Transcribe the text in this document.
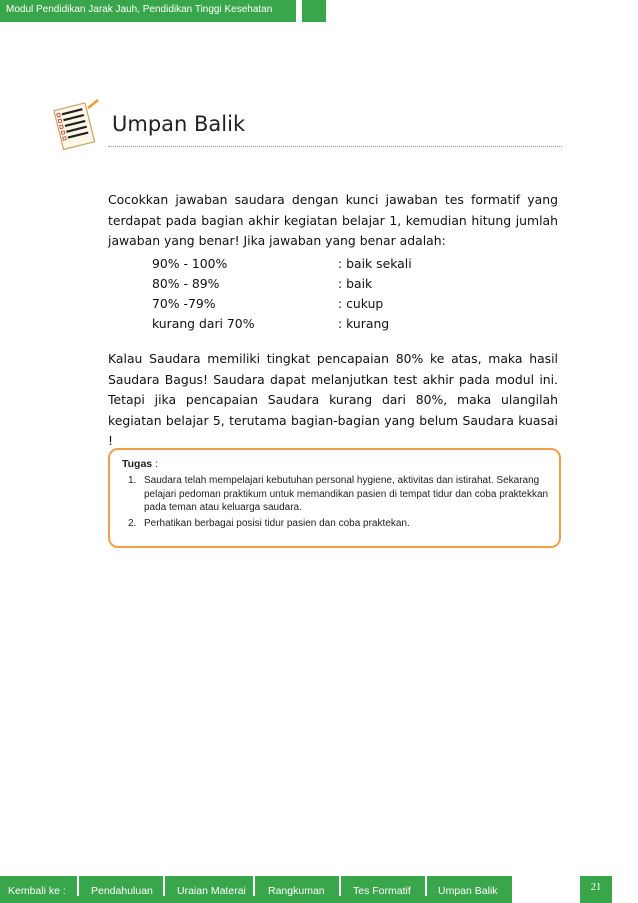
Modul Pendidikan Jarak Jauh, Pendidikan Tinggi Kesehatan
Umpan Balik

Cocokkan jawaban saudara dengan kunci jawaban tes formatif yang terdapat pada bagian akhir kegiatan belajar 1, kemudian hitung jumlah jawaban yang benar! Jika jawaban yang benar adalah:

90% - 100%	: baik sekali
80% - 89%	: baik
70% -79%	: cukup
kurang dari 70%	: kurang

Kalau Saudara memiliki tingkat pencapaian 80% ke atas, maka hasil Saudara Bagus! Saudara dapat melanjutkan test akhir pada modul ini. Tetapi jika pencapaian Saudara kurang dari 80%, maka ulangilah kegiatan belajar 5, terutama bagian-bagian yang belum Saudara kuasai !

Tugas :
1. Saudara telah mempelajari kebutuhan personal hygiene, aktivitas dan istirahat. Sekarang pelajari pedoman praktikum untuk memandikan pasien di tempat tidur dan coba praktekkan pada teman atau keluarga saudara.
2. Perhatikan berbagai posisi tidur pasien dan coba praktekan.
Kembali ke : Pendahuluan Uraian Materai Rangkuman	Tes Formatif	Umpan Balik	21
